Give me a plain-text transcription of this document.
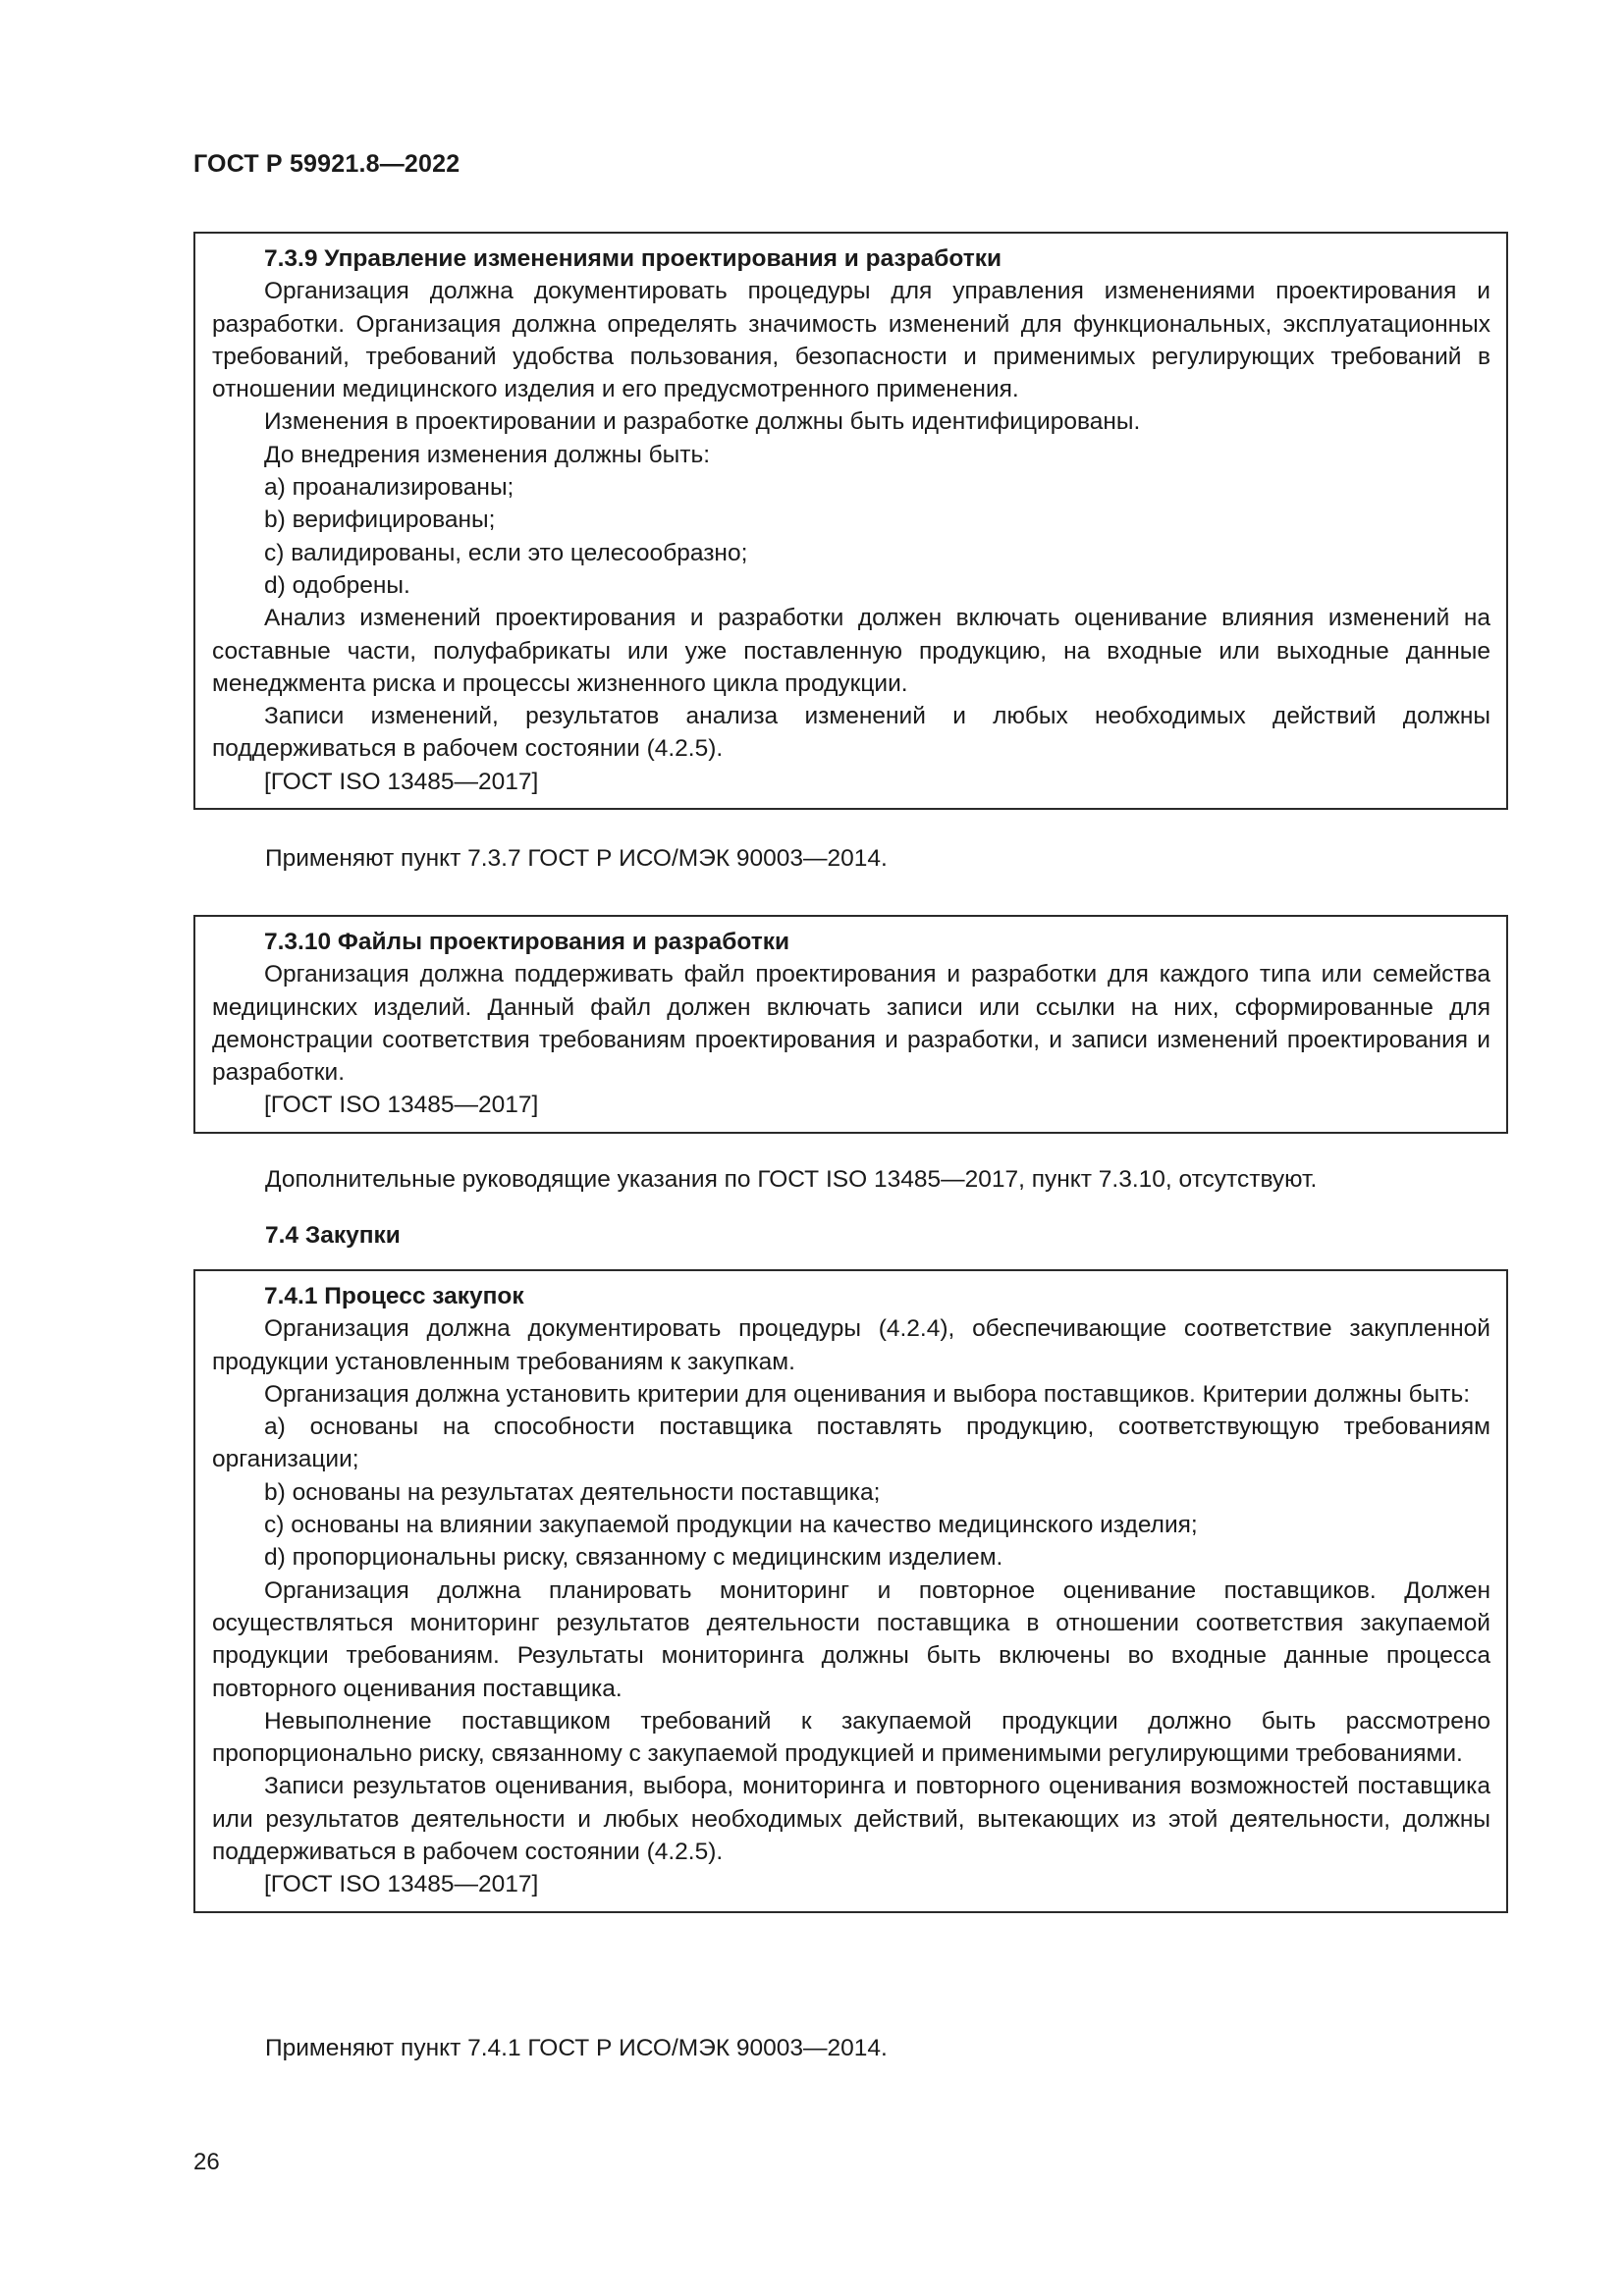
ГОСТ Р 59921.8—2022

7.3.9 Управление изменениями проектирования и разработки

Организация должна документировать процедуры для управления изменениями проектирования и разработки. Организация должна определять значимость изменений для функциональных, эксплуатационных требований, требований удобства пользования, безопасности и применимых регулирующих требований в отношении медицинского изделия и его предусмотренного применения.

Изменения в проектировании и разработке должны быть идентифицированы.

До внедрения изменения должны быть:

a) проанализированы;

b) верифицированы;

c) валидированы, если это целесообразно;

d) одобрены.

Анализ изменений проектирования и разработки должен включать оценивание влияния изменений на составные части, полуфабрикаты или уже поставленную продукцию, на входные или выходные данные менеджмента риска и процессы жизненного цикла продукции.

Записи изменений, результатов анализа изменений и любых необходимых действий должны поддерживаться в рабочем состоянии (4.2.5).

[ГОСТ ISO 13485—2017]

Применяют пункт 7.3.7 ГОСТ Р ИСО/МЭК 90003—2014.

7.3.10 Файлы проектирования и разработки

Организация должна поддерживать файл проектирования и разработки для каждого типа или семейства медицинских изделий. Данный файл должен включать записи или ссылки на них, сформированные для демонстрации соответствия требованиям проектирования и разработки, и записи изменений проектирования и разработки.

[ГОСТ ISO 13485—2017]

Дополнительные руководящие указания по ГОСТ ISO 13485—2017, пункт 7.3.10, отсутствуют.

7.4 Закупки

7.4.1 Процесс закупок

Организация должна документировать процедуры (4.2.4), обеспечивающие соответствие закупленной продукции установленным требованиям к закупкам.

Организация должна установить критерии для оценивания и выбора поставщиков. Критерии должны быть:

a) основаны на способности поставщика поставлять продукцию, соответствующую требованиям организации;

b) основаны на результатах деятельности поставщика;

c) основаны на влиянии закупаемой продукции на качество медицинского изделия;

d) пропорциональны риску, связанному с медицинским изделием.

Организация должна планировать мониторинг и повторное оценивание поставщиков. Должен осуществляться мониторинг результатов деятельности поставщика в отношении соответствия закупаемой продукции требованиям. Результаты мониторинга должны быть включены во входные данные процесса повторного оценивания поставщика.

Невыполнение поставщиком требований к закупаемой продукции должно быть рассмотрено пропорционально риску, связанному с закупаемой продукцией и применимыми регулирующими требованиями.

Записи результатов оценивания, выбора, мониторинга и повторного оценивания возможностей поставщика или результатов деятельности и любых необходимых действий, вытекающих из этой деятельности, должны поддерживаться в рабочем состоянии (4.2.5).

[ГОСТ ISO 13485—2017]

Применяют пункт 7.4.1 ГОСТ Р ИСО/МЭК 90003—2014.

26
